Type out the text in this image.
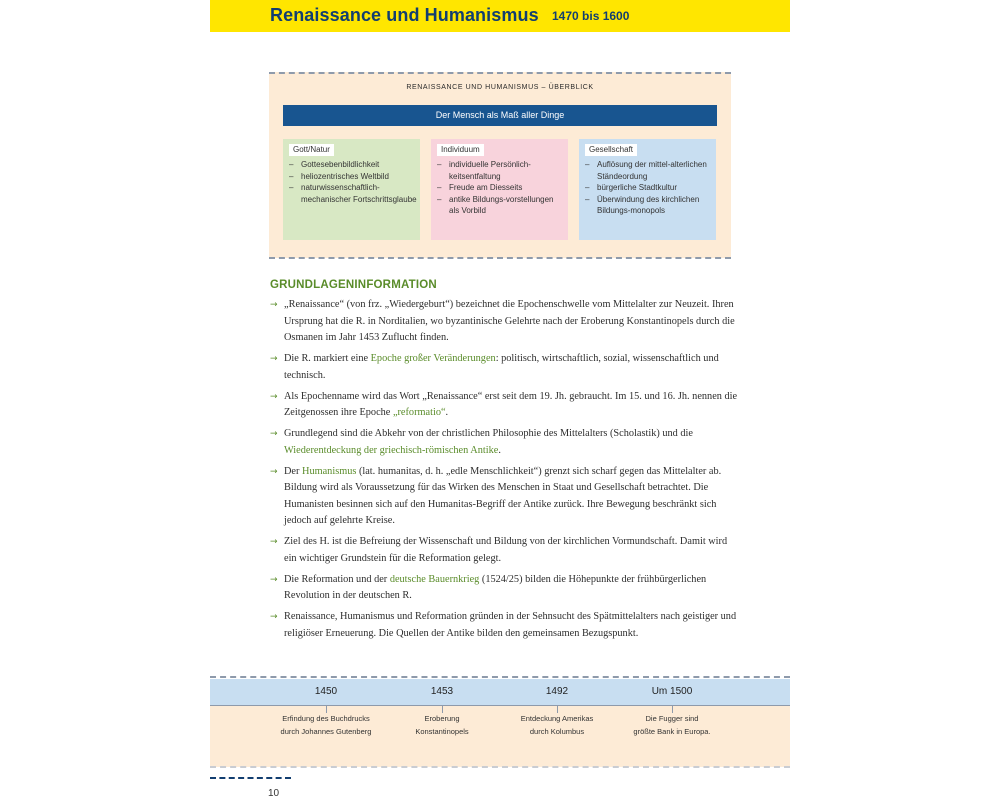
Renaissance und Humanismus 1470 bis 1600
RENAISSANCE UND HUMANISMUS – ÜBERBLICK
Der Mensch als Maß aller Dinge
Gott/Natur
– Gottesebenbildlichkeit
– heliozentrisches Weltbild
– naturwissenschaftlich-mechanischer Fortschrittsglaube
Individuum
– individuelle Persönlich-keitsentfaltung
– Freude am Diesseits
– antike Bildungs-vorstellungen als Vorbild
Gesellschaft
– Auflösung der mittel-alterlichen Ständeordung
– bürgerliche Stadtkultur
– Überwindung des kirchlichen Bildungs-monopols
GRUNDLAGENINFORMATION
→ „Renaissance“ (von frz. „Wiedergeburt“) bezeichnet die Epochenschwelle vom Mittelalter zur Neuzeit. Ihren Ursprung hat die R. in Norditalien, wo byzantinische Gelehrte nach der Eroberung Konstantinopels durch die Osmanen im Jahr 1453 Zuflucht finden.
→ Die R. markiert eine Epoche großer Veränderungen: politisch, wirtschaftlich, sozial, wissenschaftlich und technisch.
→ Als Epochenname wird das Wort „Renaissance“ erst seit dem 19. Jh. gebraucht. Im 15. und 16. Jh. nennen die Zeitgenossen ihre Epoche „reformatio“.
→ Grundlegend sind die Abkehr von der christlichen Philosophie des Mittelalters (Scholastik) und die Wiederentdeckung der griechisch-römischen Antike.
→ Der Humanismus (lat. humanitas, d. h. „edle Menschlichkeit“) grenzt sich scharf gegen das Mittelalter ab. Bildung wird als Voraussetzung für das Wirken des Menschen in Staat und Gesellschaft betrachtet. Die Humanisten besinnen sich auf den Humanitas-Begriff der Antike zurück. Ihre Bewegung beschränkt sich jedoch auf gelehrte Kreise.
→ Ziel des H. ist die Befreiung der Wissenschaft und Bildung von der kirchlichen Vormundschaft. Damit wird ein wichtiger Grundstein für die Reformation gelegt.
→ Die Reformation und der deutsche Bauernkrieg (1524/25) bilden die Höhepunkte der frühbürgerlichen Revolution in der deutschen R.
→ Renaissance, Humanismus und Reformation gründen in der Sehnsucht des Spätmittelalters nach geistiger und religiöser Erneuerung. Die Quellen der Antike bilden den gemeinsamen Bezugspunkt.
1450
Erfindung des Buchdrucks
durch Johannes Gutenberg
1453
Eroberung
Konstantinopels
1492
Entdeckung Amerikas
durch Kolumbus
Um 1500
Die Fugger sind
größte Bank in Europa.
10
